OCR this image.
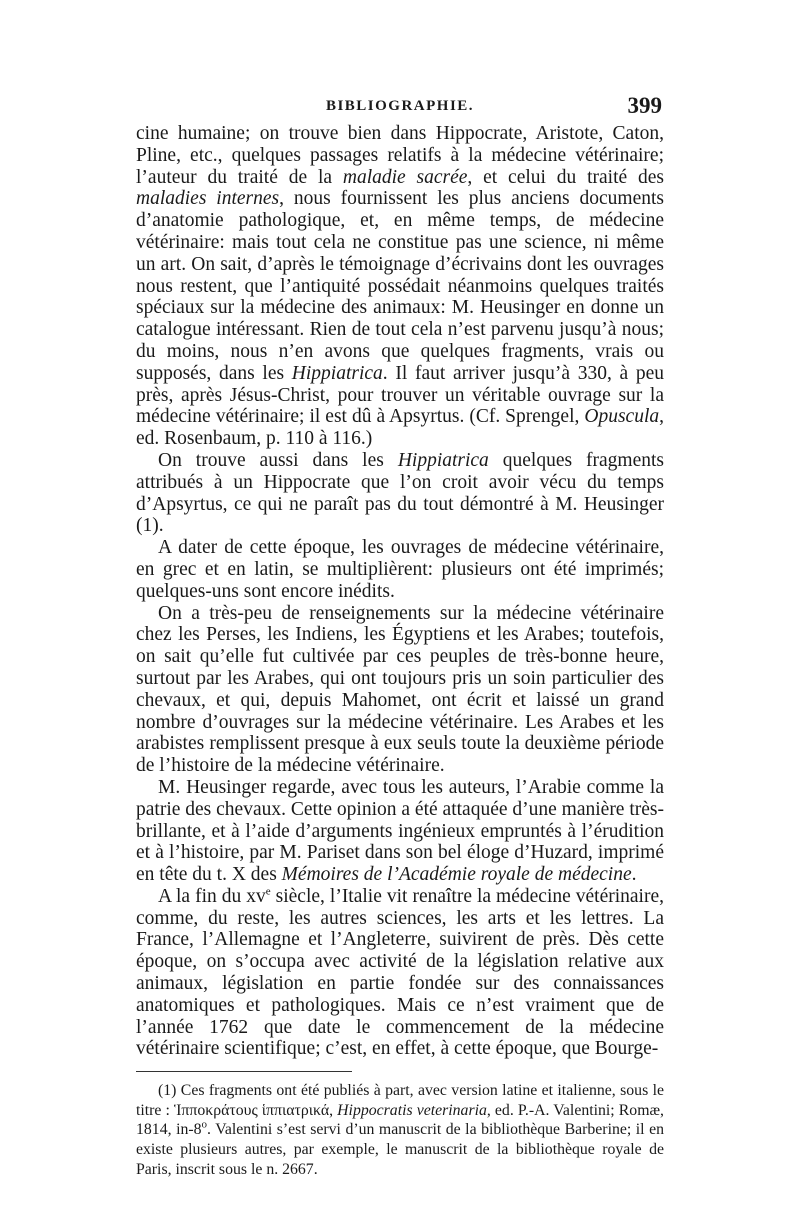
BIBLIOGRAPHIE.	399

cine humaine; on trouve bien dans Hippocrate, Aristote, Caton, Pline, etc., quelques passages relatifs à la médecine vétérinaire; l’auteur du traité de la maladie sacrée, et celui du traité des maladies internes, nous fournissent les plus anciens documents d’anatomie pathologique, et, en même temps, de médecine vétérinaire: mais tout cela ne constitue pas une science, ni même un art. On sait, d’après le témoignage d’écrivains dont les ouvrages nous restent, que l’antiquité possédait néanmoins quelques traités spéciaux sur la médecine des animaux: M. Heusinger en donne un catalogue intéressant. Rien de tout cela n’est parvenu jusqu’à nous; du moins, nous n’en avons que quelques fragments, vrais ou supposés, dans les Hippiatrica. Il faut arriver jusqu’à 330, à peu près, après Jésus-Christ, pour trouver un véritable ouvrage sur la médecine vétérinaire; il est dû à Apsyrtus. (Cf. Sprengel, Opuscula, ed. Rosenbaum, p. 110 à 116.)

On trouve aussi dans les Hippiatrica quelques fragments attribués à un Hippocrate que l’on croit avoir vécu du temps d’Apsyrtus, ce qui ne paraît pas du tout démontré à M. Heusinger (1).

A dater de cette époque, les ouvrages de médecine vétérinaire, en grec et en latin, se multiplièrent: plusieurs ont été imprimés; quelques-uns sont encore inédits.

On a très-peu de renseignements sur la médecine vétérinaire chez les Perses, les Indiens, les Égyptiens et les Arabes; toutefois, on sait qu’elle fut cultivée par ces peuples de très-bonne heure, surtout par les Arabes, qui ont toujours pris un soin particulier des chevaux, et qui, depuis Mahomet, ont écrit et laissé un grand nombre d’ouvrages sur la médecine vétérinaire. Les Arabes et les arabistes remplissent presque à eux seuls toute la deuxième période de l’histoire de la médecine vétérinaire.

M. Heusinger regarde, avec tous les auteurs, l’Arabie comme la patrie des chevaux. Cette opinion a été attaquée d’une manière très-brillante, et à l’aide d’arguments ingénieux empruntés à l’érudition et à l’histoire, par M. Pariset dans son bel éloge d’Huzard, imprimé en tête du t. X des Mémoires de l’Académie royale de médecine.

A la fin du $xv^e$ siècle, l’Italie vit renaître la médecine vétérinaire, comme, du reste, les autres sciences, les arts et les lettres. La France, l’Allemagne et l’Angleterre, suivirent de près. Dès cette époque, on s’occupa avec activité de la législation relative aux animaux, législation en partie fondée sur des connaissances anatomiques et pathologiques. Mais ce n’est vraiment que de l’année 1762 que date le commencement de la médecine vétérinaire scientifique; c’est, en effet, à cette époque, que Bourge-

(1) Ces fragments ont été publiés à part, avec version latine et italienne, sous le titre : Ἱπποκράτους ἱππιατρικά, Hippocratis veterinaria, ed. P.-A. Valentini; Romæ, 1814, in-8$^o$. Valentini s’est servi d’un manuscrit de la bibliothèque Barberine; il en existe plusieurs autres, par exemple, le manuscrit de la bibliothèque royale de Paris, inscrit sous le n. 2667.
